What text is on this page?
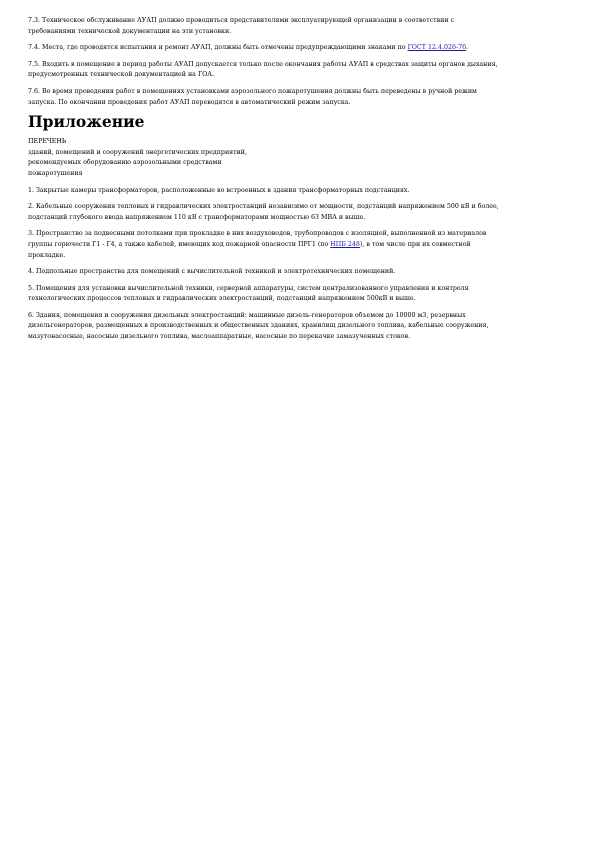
7.3. Техническое обслуживание АУАП должно проводиться представителями эксплуатирующей организации в соответствии с

требованиями технической документации на эти установки.

7.4. Места, где проводятся испытания и ремонт АУАП, должны быть отмечены предупреждающими знаками по ГОСТ 12.4.026-76.

7.5. Входить в помещение в период работы АУАП допускается только после окончания работы АУАП в средствах защиты органов дыхания,

предусмотренных технической документацией на ГОА.

7.6. Во время проведения работ в помещениях установками аэрозольного пожаротушения должны быть переведены в ручной режим

запуска. По окончании проведения работ АУАП переводятся в автоматический режим запуска.

Приложение

ПЕРЕЧЕНЬ

зданий, помещений и сооружений энергетических предприятий,

рекомендуемых оборудованию аэрозольными средствами

пожаротушения

1. Закрытые камеры трансформаторов, расположенные во встроенных в здания трансформаторных подстанциях.

2. Кабельные сооружения тепловых и гидравлических электростанций независимо от мощности, подстанций напряжением 500 кВ и более,

подстанций глубокого ввода напряжением 110 кВ с трансформаторами мощностью 63 МВА и выше.

3. Пространство за подвесными потолками при прокладке в них воздуховодов, трубопроводов с изоляцией, выполненной из материалов

группы горючести Г1 - Г4, а также кабелей, имеющих код пожарной опасности ПРГ1 (по НПБ 248), в том числе при их совместной

прокладке.

4. Подпольные пространства для помещений с вычислительной техникой и электротехнических помещений.

5. Помещения для установки вычислительной техники, серверной аппаратуры, систем централизованного управления и контроля

технологических процессов тепловых и гидравлических электростанций, подстанций напряжением 500кВ и выше.

6. Здания, помещения и сооружения дизельных электростанций: машинные дизель-генераторов объемом до 10000 м3, резервных

дизельгенераторов, размещенных в производственных и общественных зданиях, хранилищ дизельного топлива, кабельные сооружения,

мазутонасосные, насосные дизельного топлива, маслоаппаратные, насосные по перекачке замазученных стоков.
